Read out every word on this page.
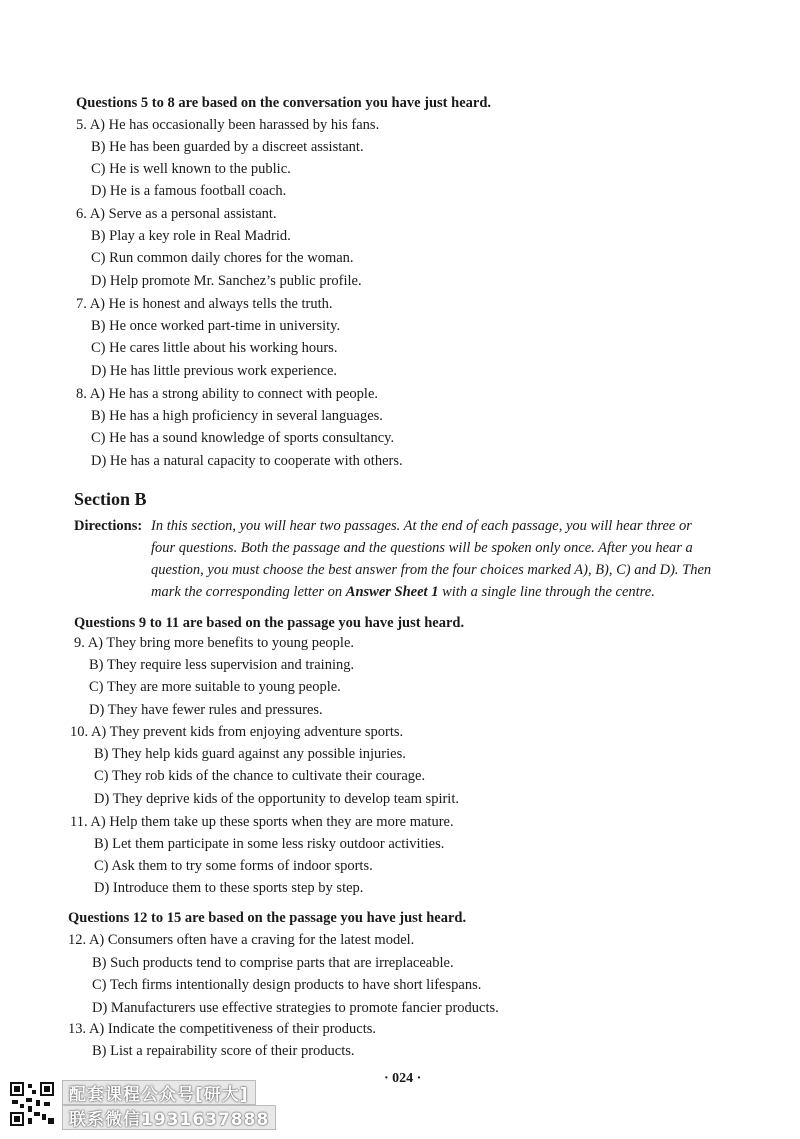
Questions 5 to 8 are based on the conversation you have just heard.
5. A) He has occasionally been harassed by his fans.
B) He has been guarded by a discreet assistant.
C) He is well known to the public.
D) He is a famous football coach.
6. A) Serve as a personal assistant.
B) Play a key role in Real Madrid.
C) Run common daily chores for the woman.
D) Help promote Mr. Sanchez’s public profile.
7. A) He is honest and always tells the truth.
B) He once worked part-time in university.
C) He cares little about his working hours.
D) He has little previous work experience.
8. A) He has a strong ability to connect with people.
B) He has a high proficiency in several languages.
C) He has a sound knowledge of sports consultancy.
D) He has a natural capacity to cooperate with others.
Section B
Directions: In this section, you will hear two passages. At the end of each passage, you will hear three or
four questions. Both the passage and the questions will be spoken only once. After you hear a
question, you must choose the best answer from the four choices marked A), B), C) and D). Then
mark the corresponding letter on Answer Sheet 1 with a single line through the centre.
Questions 9 to 11 are based on the passage you have just heard.
9. A) They bring more benefits to young people.
B) They require less supervision and training.
C) They are more suitable to young people.
D) They have fewer rules and pressures.
10. A) They prevent kids from enjoying adventure sports.
B) They help kids guard against any possible injuries.
C) They rob kids of the chance to cultivate their courage.
D) They deprive kids of the opportunity to develop team spirit.
11. A) Help them take up these sports when they are more mature.
B) Let them participate in some less risky outdoor activities.
C) Ask them to try some forms of indoor sports.
D) Introduce them to these sports step by step.
Questions 12 to 15 are based on the passage you have just heard.
12. A) Consumers often have a craving for the latest model.
B) Such products tend to comprise parts that are irreplaceable.
C) Tech firms intentionally design products to have short lifespans.
D) Manufacturers use effective strategies to promote fancier products.
13. A) Indicate the competitiveness of their products.
B) List a repairability score of their products.
· 024 ·
配套课程公众号[研大]
联系微信1931637888
